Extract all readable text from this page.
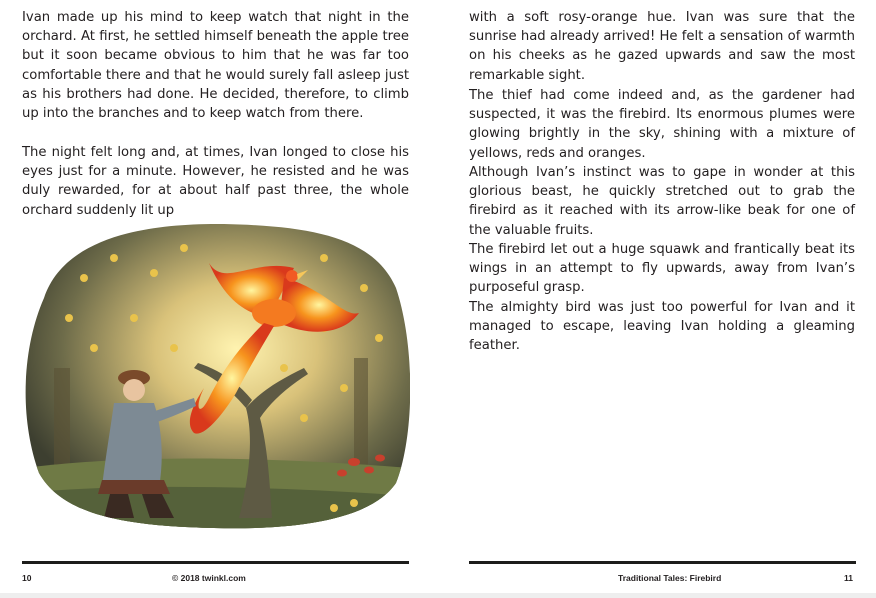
Ivan made up his mind to keep watch that night in the orchard. At first, he settled himself beneath the apple tree but it soon became obvious to him that he was far too comfortable there and that he would surely fall asleep just as his brothers had done. He decided, therefore, to climb up into the branches and to keep watch from there.

The night felt long and, at times, Ivan longed to close his eyes just for a minute. However, he resisted and he was duly rewarded, for at about half past three, the whole orchard suddenly lit up

10	© 2018 twinkl.com

with a soft rosy-orange hue. Ivan was sure that the sunrise had already arrived! He felt a sensation of warmth on his cheeks as he gazed upwards and saw the most remarkable sight.

The thief had come indeed and, as the gardener had suspected, it was the firebird. Its enormous plumes were glowing brightly in the sky, shining with a mixture of yellows, reds and oranges.

Although Ivan’s instinct was to gape in wonder at this glorious beast, he quickly stretched out to grab the firebird as it reached with its arrow-like beak for one of the valuable fruits.

The firebird let out a huge squawk and frantically beat its wings in an attempt to fly upwards, away from Ivan’s purposeful grasp.

The almighty bird was just too powerful for Ivan and it managed to escape, leaving Ivan holding a gleaming feather.

Traditional Tales: Firebird	11
